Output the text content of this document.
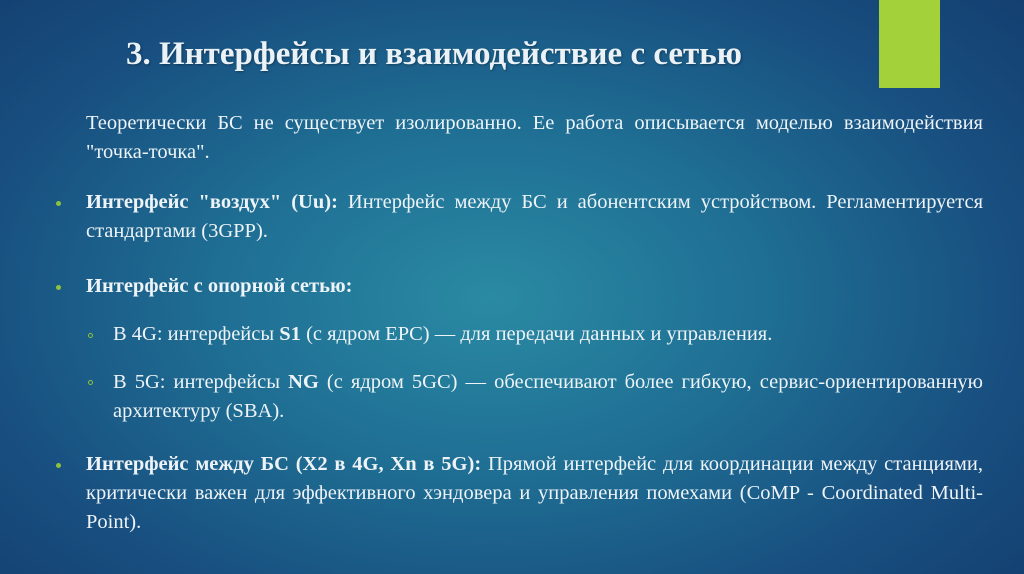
3. Интерфейсы и взаимодействие с сетью

Теоретически БС не существует изолированно. Ее работа описывается моделью взаимодействия "точка-точка".

Интерфейс "воздух" (Uu): Интерфейс между БС и абонентским устройством. Регламентируется стандартами (3GPP).

Интерфейс с опорной сетью:

В 4G: интерфейсы S1 (с ядром EPC) — для передачи данных и управления.

В 5G: интерфейсы NG (с ядром 5GC) — обеспечивают более гибкую, сервис-ориентированную архитектуру (SBA).

Интерфейс между БС (X2 в 4G, Xn в 5G): Прямой интерфейс для координации между станциями, критически важен для эффективного хэндовера и управления помехами (CoMP - Coordinated Multi-Point).
